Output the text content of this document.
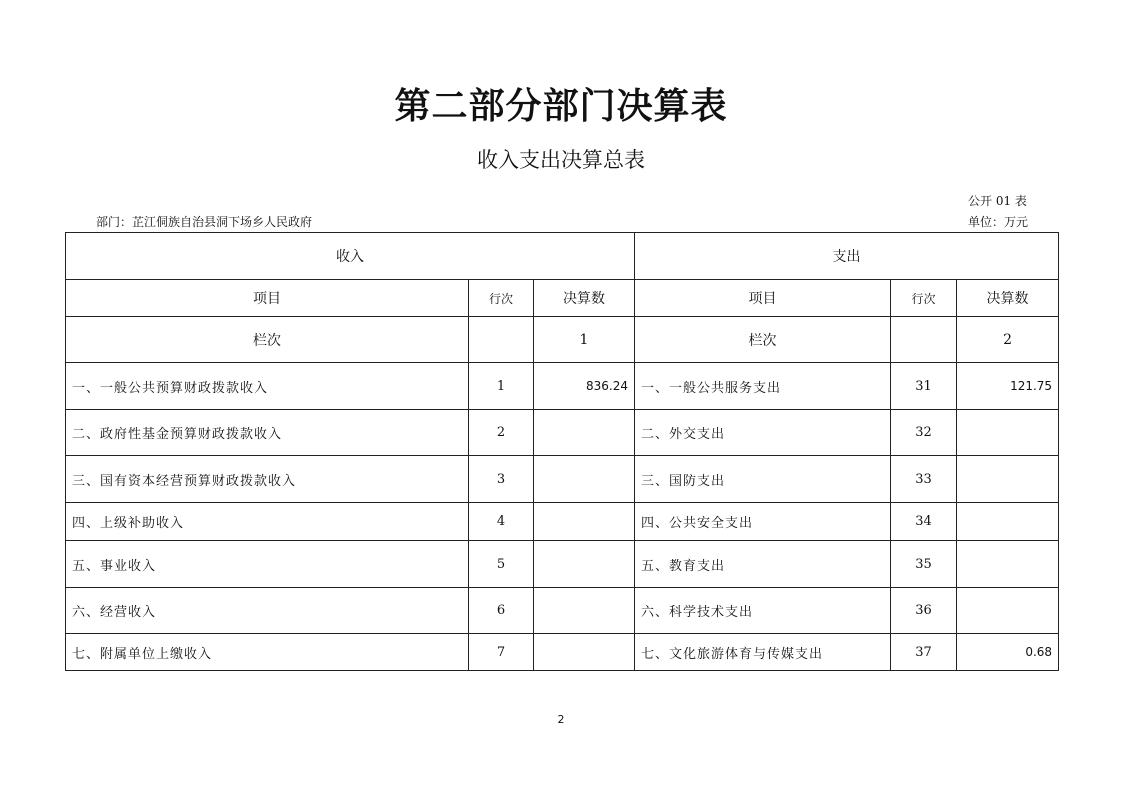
第二部分部门决算表
收入支出决算总表
公开 01 表
部门：芷江侗族自治县洞下场乡人民政府	单位：万元
收入			支出		
项目	行次	决算数	项目	行次	决算数
栏次		1	栏次		2
一、一般公共预算财政拨款收入	1	836.24	一、一般公共服务支出	31	121.75
二、政府性基金预算财政拨款收入	2		二、外交支出	32	
三、国有资本经营预算财政拨款收入	3		三、国防支出	33	
四、上级补助收入	4		四、公共安全支出	34	
五、事业收入	5		五、教育支出	35	
六、经营收入	6		六、科学技术支出	36	
七、附属单位上缴收入	7		七、文化旅游体育与传媒支出	37	0.68
2
